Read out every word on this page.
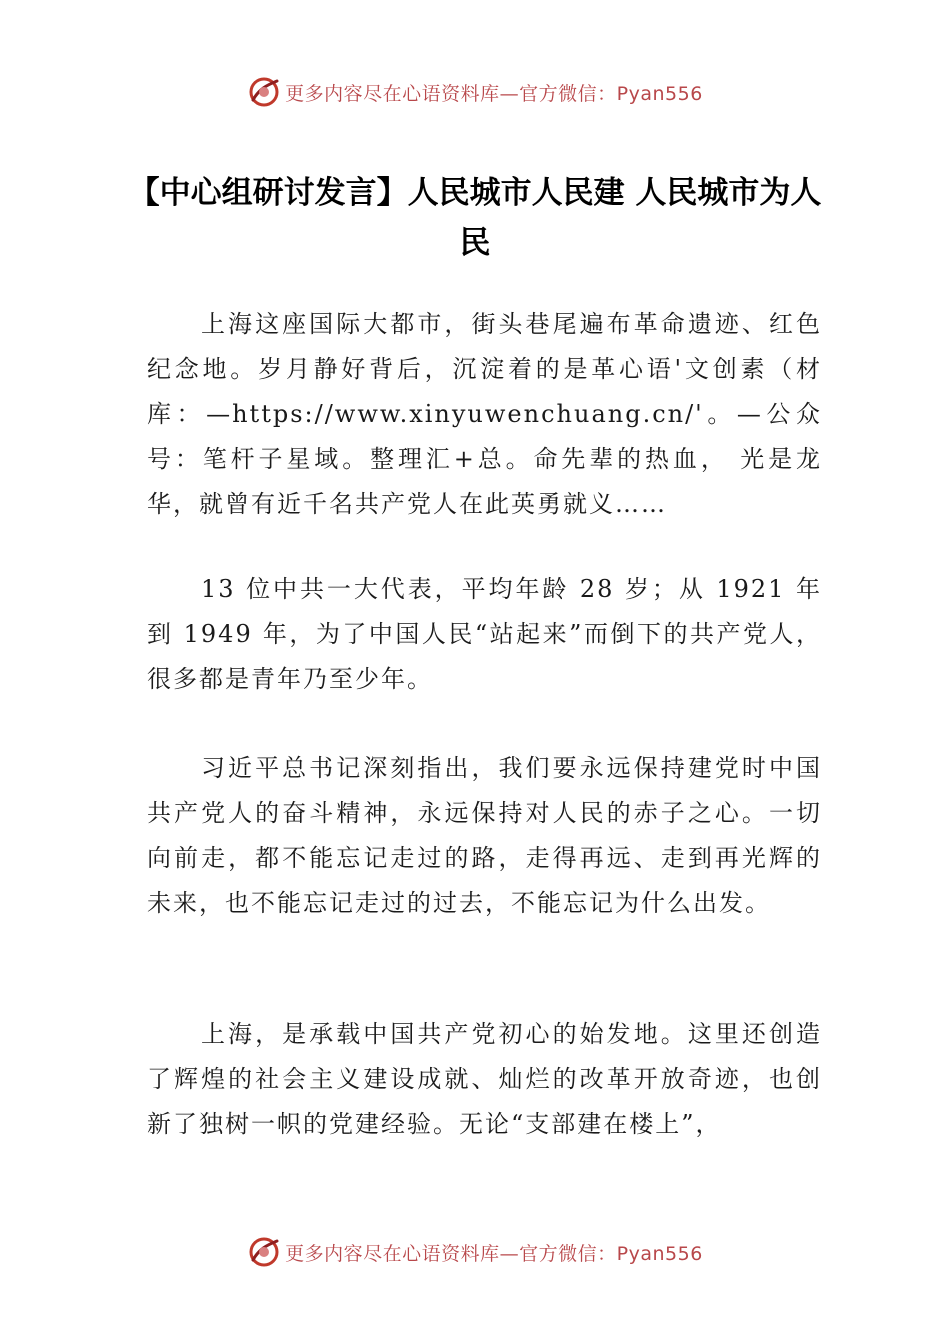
更多内容尽在心语资料库—官方微信：Pyan556
【中心组研讨发言】人民城市人民建 人民城市为人民

上海这座国际大都市，街头巷尾遍布革命遗迹、红色纪念地。岁月静好背后，沉淀着的是革心语'文创素（材库：—https://www.xinyuwenchuang.cn/'。—公众号：笔杆子星域。整理汇+总。命先辈的热血， 光是龙华，就曾有近千名共产党人在此英勇就义……

13 位中共一大代表，平均年龄 28 岁；从 1921 年到 1949 年，为了中国人民“站起来”而倒下的共产党人，很多都是青年乃至少年。

习近平总书记深刻指出，我们要永远保持建党时中国共产党人的奋斗精神，永远保持对人民的赤子之心。一切向前走，都不能忘记走过的路，走得再远、走到再光辉的未来，也不能忘记走过的过去，不能忘记为什么出发。

上海，是承载中国共产党初心的始发地。这里还创造了辉煌的社会主义建设成就、灿烂的改革开放奇迹，也创新了独树一帜的党建经验。无论“支部建在楼上”，

更多内容尽在心语资料库—官方微信：Pyan556
